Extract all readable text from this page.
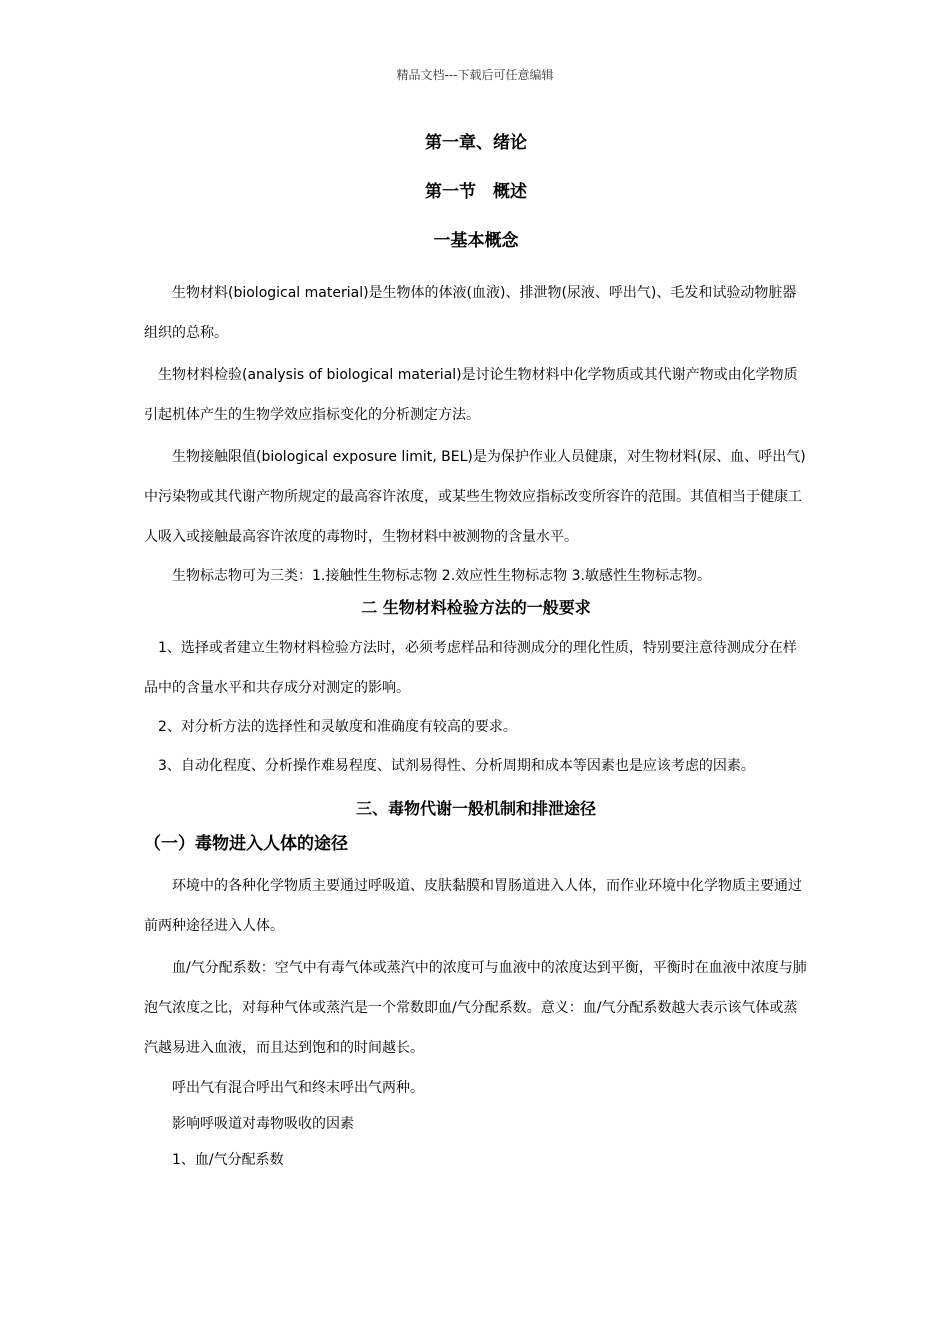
精品文档---下载后可任意编辑
第一章、绪论
第一节　概述
一基本概念

生物材料(biological material)是生物体的体液(血液)、排泄物(尿液、呼出气)、毛发和试验动物脏器组织的总称。

生物材料检验(analysis of biological material)是讨论生物材料中化学物质或其代谢产物或由化学物质引起机体产生的生物学效应指标变化的分析测定方法。

生物接触限值(biological exposure limit, BEL)是为保护作业人员健康，对生物材料(尿、血、呼出气)中污染物或其代谢产物所规定的最高容许浓度，或某些生物效应指标改变所容许的范围。其值相当于健康工人吸入或接触最高容许浓度的毒物时，生物材料中被测物的含量水平。

生物标志物可为三类：1.接触性生物标志物 2.效应性生物标志物 3.敏感性生物标志物。

二 生物材料检验方法的一般要求

1、选择或者建立生物材料检验方法时，必须考虑样品和待测成分的理化性质，特别要注意待测成分在样品中的含量水平和共存成分对测定的影响。

2、对分析方法的选择性和灵敏度和准确度有较高的要求。

3、自动化程度、分析操作难易程度、试剂易得性、分析周期和成本等因素也是应该考虑的因素。

三、毒物代谢一般机制和排泄途径
（一）毒物进入人体的途径

环境中的各种化学物质主要通过呼吸道、皮肤黏膜和胃肠道进入人体，而作业环境中化学物质主要通过前两种途径进入人体。

血/气分配系数：空气中有毒气体或蒸汽中的浓度可与血液中的浓度达到平衡，平衡时在血液中浓度与肺泡气浓度之比，对每种气体或蒸汽是一个常数即血/气分配系数。意义：血/气分配系数越大表示该气体或蒸汽越易进入血液，而且达到饱和的时间越长。

呼出气有混合呼出气和终末呼出气两种。

影响呼吸道对毒物吸收的因素

1、血/气分配系数
